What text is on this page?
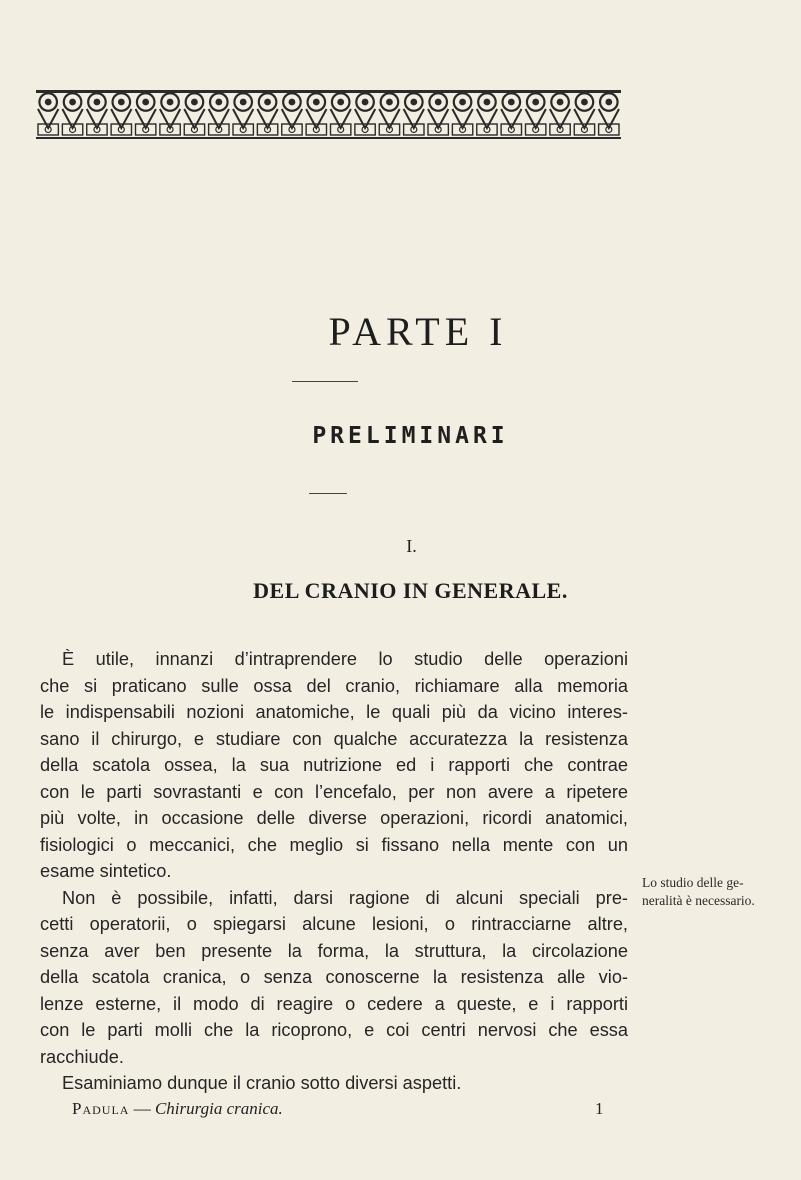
PARTE I
PRELIMINARI
I.
DEL CRANIO IN GENERALE.
È utile, innanzi d’intraprendere lo studio delle operazioni
che si praticano sulle ossa del cranio, richiamare alla memoria
le indispensabili nozioni anatomiche, le quali più da vicino interes-
sano il chirurgo, e studiare con qualche accuratezza la resistenza
della scatola ossea, la sua nutrizione ed i rapporti che contrae
con le parti sovrastanti e con l’encefalo, per non avere a ripetere
più volte, in occasione delle diverse operazioni, ricordi anatomici,
fisiologici o meccanici, che meglio si fissano nella mente con un
esame sintetico.
Non è possibile, infatti, darsi ragione di alcuni speciali pre-
cetti operatorii, o spiegarsi alcune lesioni, o rintracciarne altre,
senza aver ben presente la forma, la struttura, la circolazione
della scatola cranica, o senza conoscerne la resistenza alle vio-
lenze esterne, il modo di reagire o cedere a queste, e i rapporti
con le parti molli che la ricoprono, e coi centri nervosi che essa
racchiude.
Esaminiamo dunque il cranio sotto diversi aspetti.
Lo studio delle ge-
neralità è necessario.
Padula — Chirurgia cranica.	1
